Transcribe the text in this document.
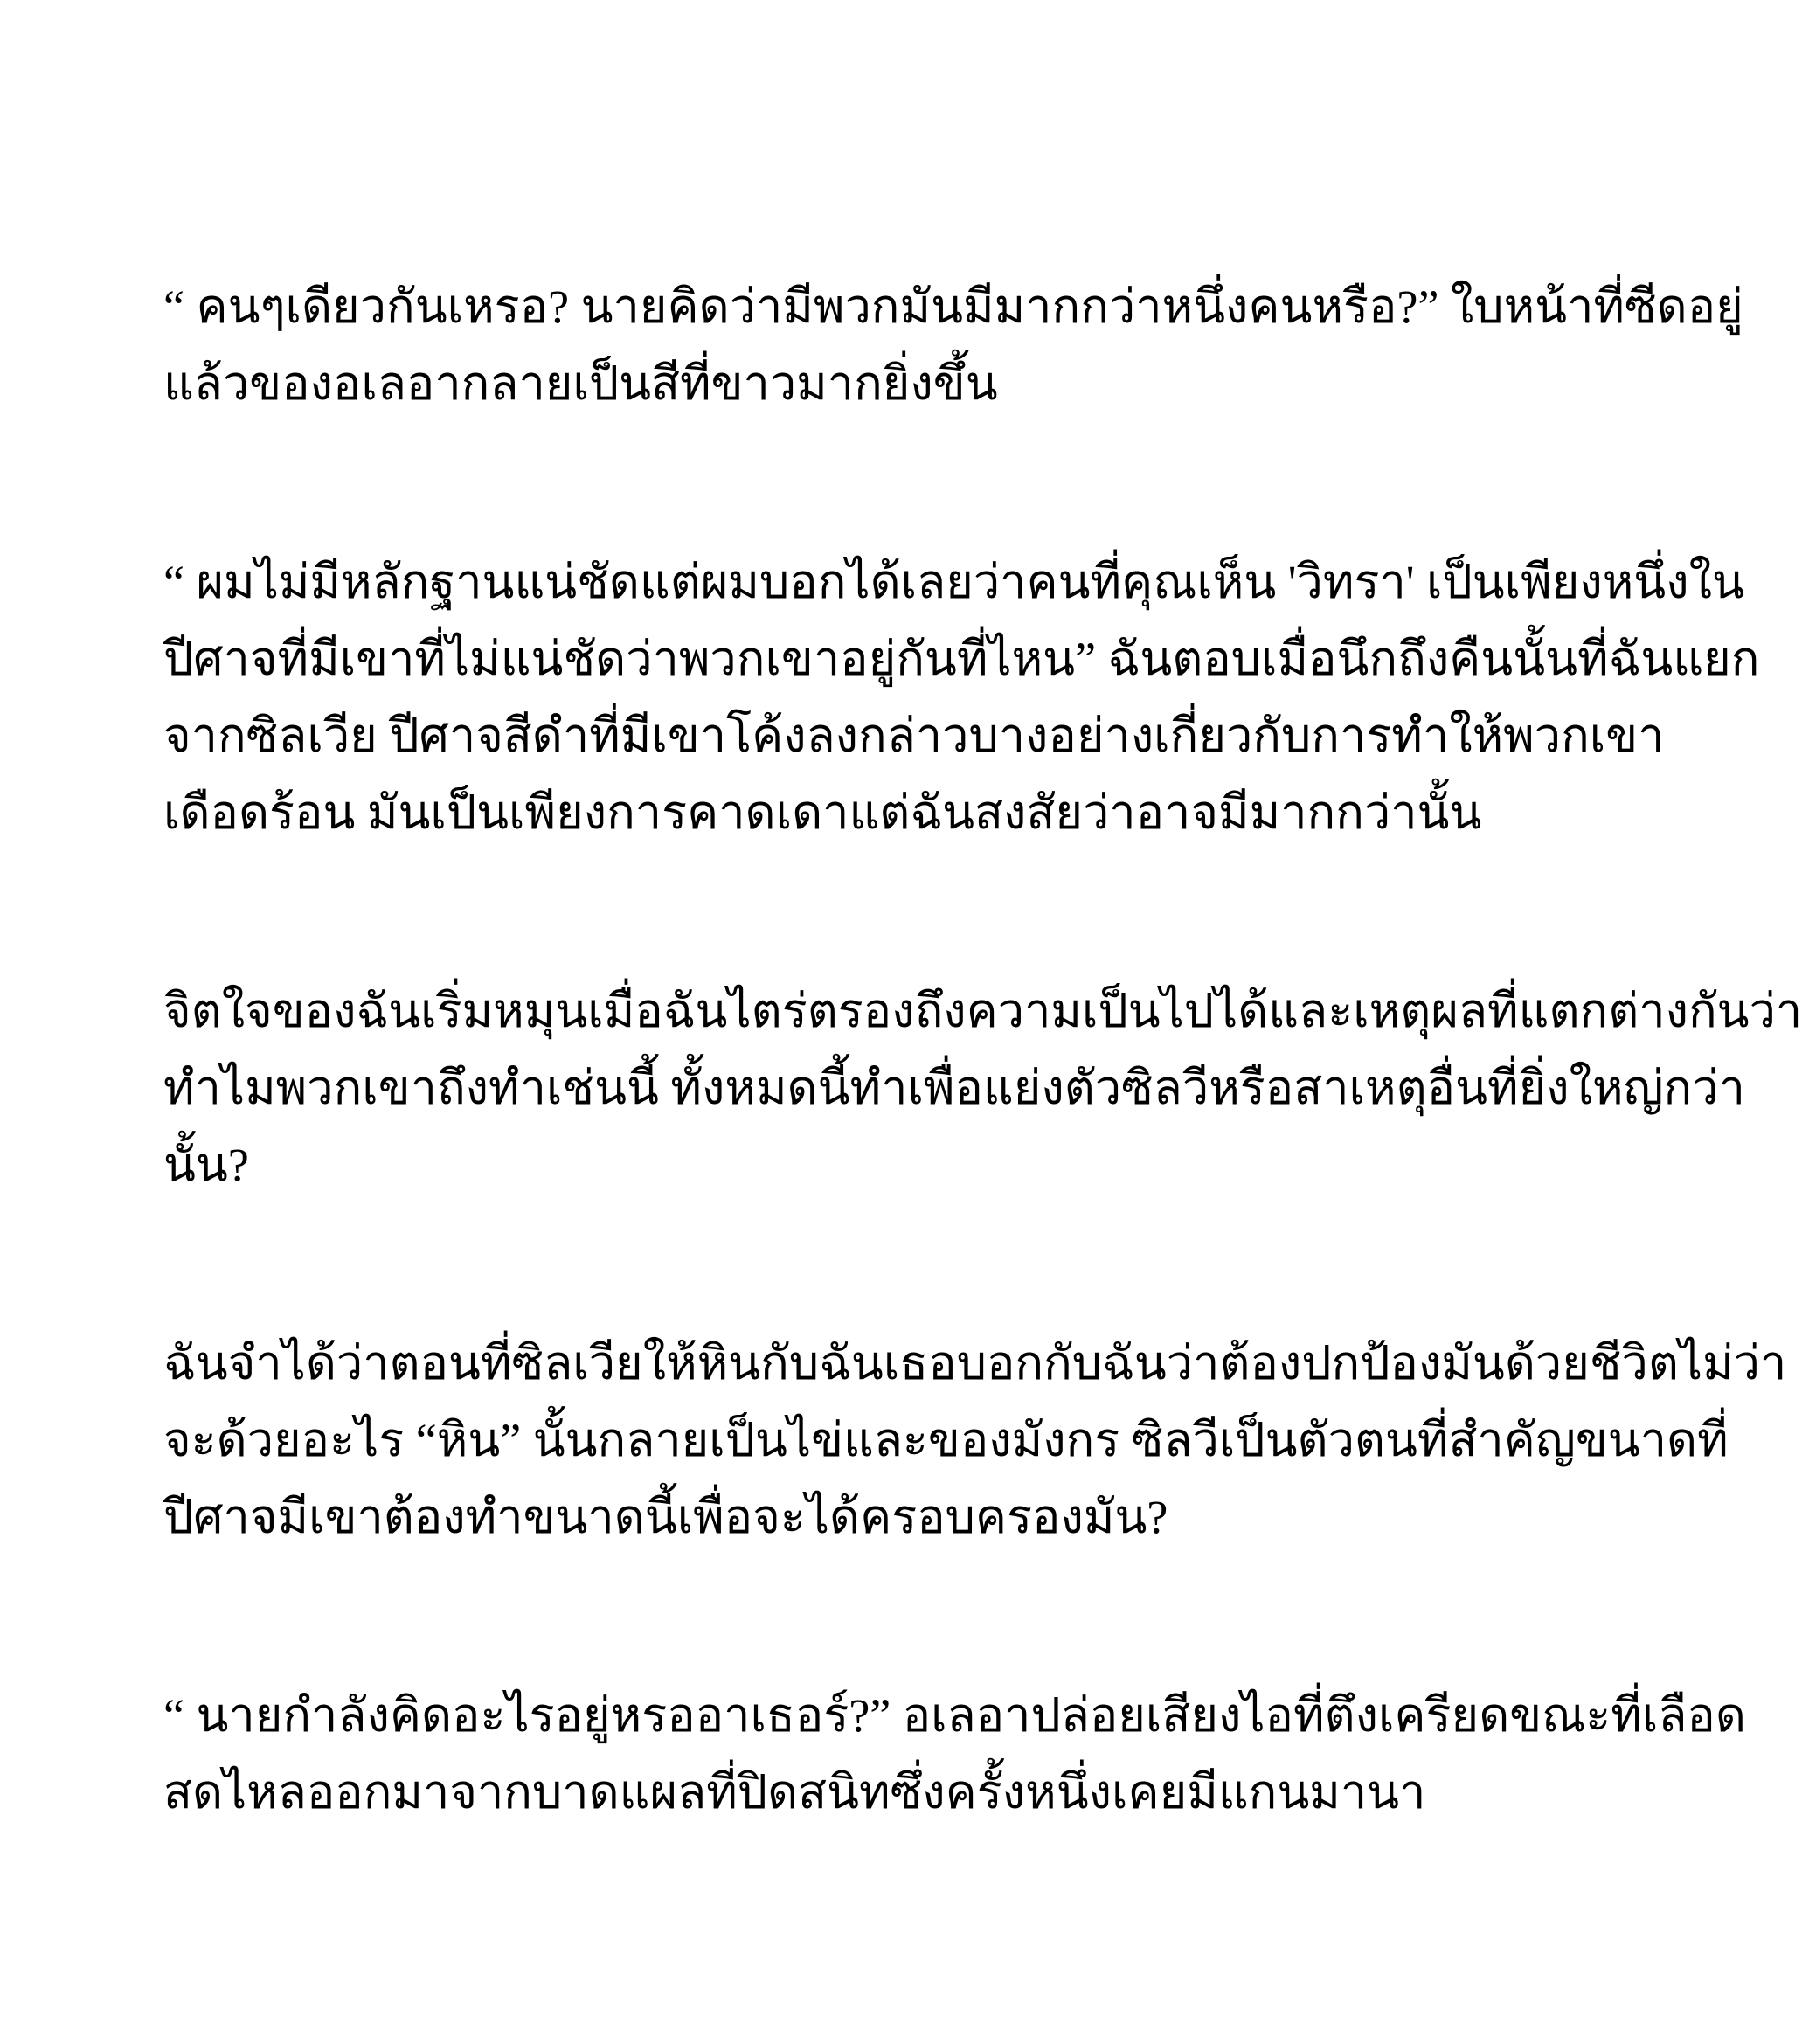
“ คนๆเดียวกันเหรอ? นายคิดว่ามีพวกมันมีมากกว่าหนึ่งคนหรือ?” ใบหน้าที่ซีดอยู่
แล้วของอเลอากลายเป็นสีที่ขาวมากยิ่งขึ้น

“ ผมไม่มีหลักฐานแน่ชัดแต่ผมบอกได้เลยว่าคนที่คุณเห็น 'วิทรา' เป็นเพียงหนึ่งใน
ปีศาจที่มีเขาที่ไม่แน่ชัดว่าพวกเขาอยู่กันที่ไหน” ฉันตอบเมื่อนึกถึงคืนนั้นที่ฉันแยก
จากซิลเวีย ปีศาจสีดำที่มีเขาโค้งลงกล่าวบางอย่างเกี่ยวกับการทำให้พวกเขา
เดือดร้อน มันเป็นเพียงการคาดเดาแต่ฉันสงสัยว่าอาจมีมากกว่านั้น

จิตใจของฉันเริ่มหมุนเมื่อฉันไตร่ตรองถึงความเป็นไปได้และเหตุผลที่แตกต่างกันว่า
ทำไมพวกเขาถึงทำเช่นนี้ ทั้งหมดนี้ทำเพื่อแย่งตัวซิลวีหรือสาเหตุอื่นที่ยิ่งใหญ่กว่า
นั้น?

ฉันจำได้ว่าตอนที่ซิลเวียให้หินกับฉันเธอบอกกับฉันว่าต้องปกป้องมันด้วยชีวิตไม่ว่า
จะด้วยอะไร “หิน” นั้นกลายเป็นไข่และของมังกร ซิลวีเป็นตัวตนที่สำคัญขนาดที่
ปีศาจมีเขาต้องทำขนาดนี้เพื่อจะได้ครอบครองมัน?

“ นายกำลังคิดอะไรอยู่หรออาเธอร์?” อเลอาปล่อยเสียงไอที่ตึงเครียดขณะที่เลือด
สดไหลออกมาจากบาดแผลที่ปิดสนิทซึ่งครั้งหนึ่งเคยมีแกนมานา
